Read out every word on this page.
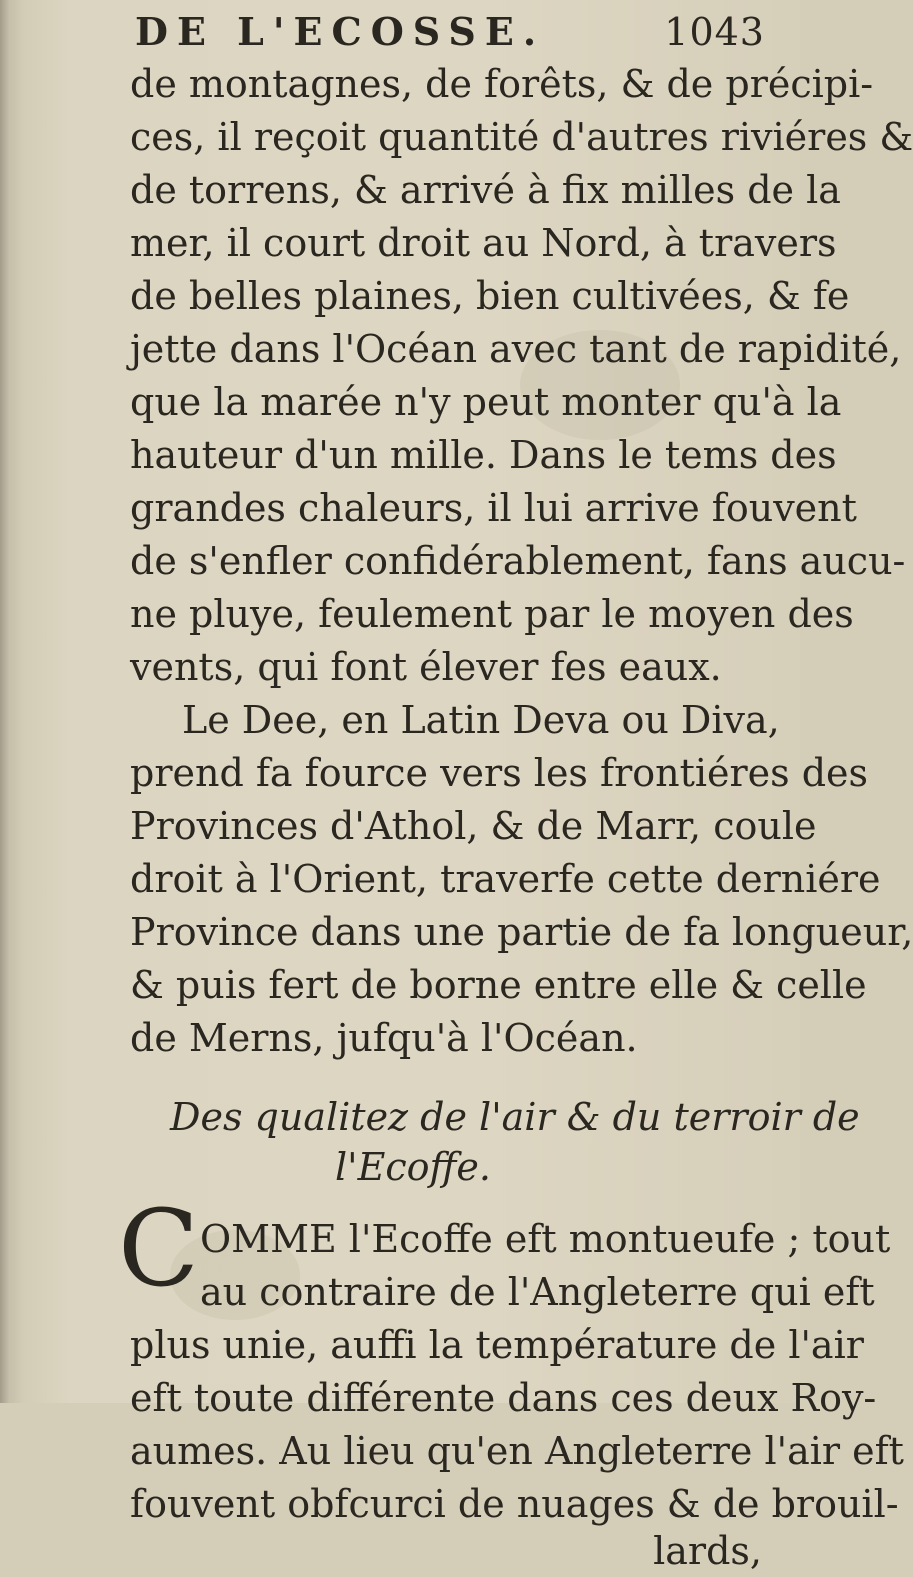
DE L'ECOSSE.	1043
de montagnes, de forêts, & de précipi-
ces, il reçoit quantité d'autres riviéres &
de torrens, & arrivé à fix milles de la
mer, il court droit au Nord, à travers
de belles plaines, bien cultivées, & fe
jette dans l'Océan avec tant de rapidité,
que la marée n'y peut monter qu'à la
hauteur d'un mille. Dans le tems des
grandes chaleurs, il lui arrive fouvent
de s'enfler confidérablement, fans aucu-
ne pluye, feulement par le moyen des
vents, qui font élever fes eaux.
Le Dee, en Latin Deva ou Diva,
prend fa fource vers les frontiéres des
Provinces d'Athol, & de Marr, coule
droit à l'Orient, traverfe cette derniére
Province dans une partie de fa longueur,
& puis fert de borne entre elle & celle
de Merns, jufqu'à l'Océan.
Des qualitez de l'air & du terroir de
l'Ecoffe.
C OMME l'Ecoffe eft montueufe ; tout
au contraire de l'Angleterre qui eft
plus unie, auffi la température de l'air
eft toute différente dans ces deux Roy-
aumes. Au lieu qu'en Angleterre l'air eft
fouvent obfcurci de nuages & de brouil-
lards,
